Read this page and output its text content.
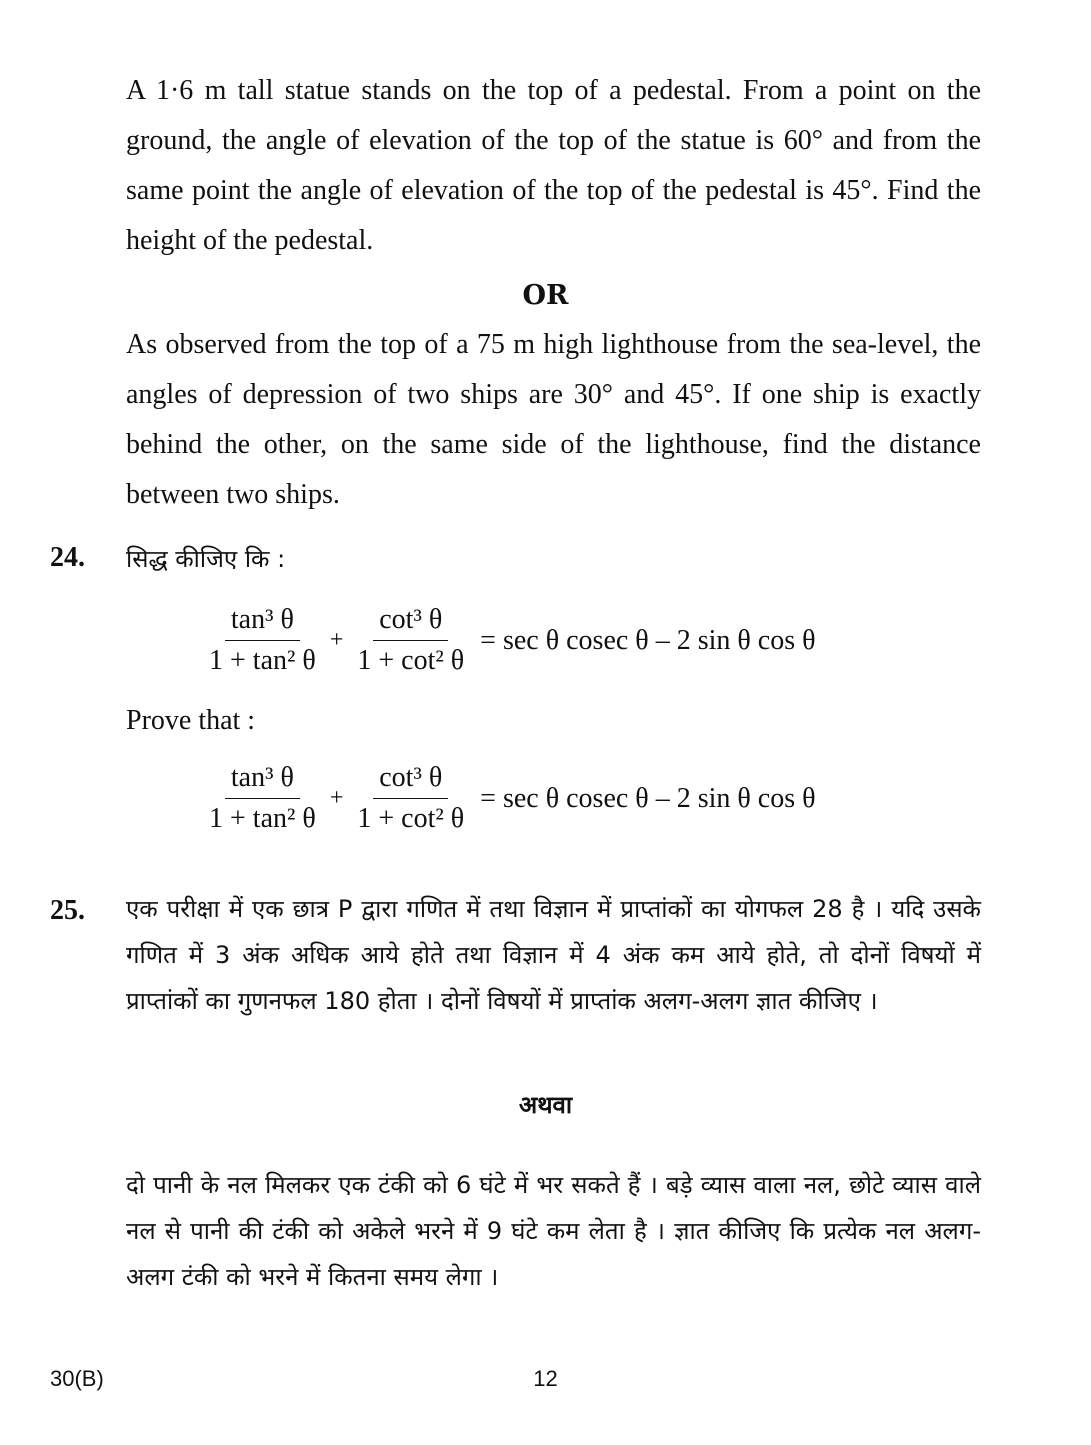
A 1·6 m tall statue stands on the top of a pedestal. From a point on the ground, the angle of elevation of the top of the statue is 60° and from the same point the angle of elevation of the top of the pedestal is 45°. Find the height of the pedestal.

OR

As observed from the top of a 75 m high lighthouse from the sea-level, the angles of depression of two ships are 30° and 45°. If one ship is exactly behind the other, on the same side of the lighthouse, find the distance between two ships.

24. सिद्ध कीजिए कि :
$\frac{\text{tan³ θ}}{\text{1 + tan² θ}} + \frac{\text{cot³ θ}}{\text{1 + cot² θ}} = \sec \theta$ cosec θ – 2 sin θ cos θ
Prove that :
$\frac{\text{tan³ θ}}{\text{1 + tan² θ}} + \frac{\text{cot³ θ}}{\text{1 + cot² θ}} = \sec \theta$ cosec θ – 2 sin θ cos θ
25. एक परीक्षा में एक छात्र P द्वारा गणित में तथा विज्ञान में प्राप्तांकों का योगफल 28 है । यदि उसके गणित में 3 अंक अधिक आये होते तथा विज्ञान में 4 अंक कम आये होते, तो दोनों विषयों में प्राप्तांकों का गुणनफल 180 होता । दोनों विषयों में प्राप्तांक अलग-अलग ज्ञात कीजिए ।

अथवा

दो पानी के नल मिलकर एक टंकी को 6 घंटे में भर सकते हैं । बड़े व्यास वाला नल, छोटे व्यास वाले नल से पानी की टंकी को अकेले भरने में 9 घंटे कम लेता है । ज्ञात कीजिए कि प्रत्येक नल अलग-अलग टंकी को भरने में कितना समय लेगा ।

30(B)	12
